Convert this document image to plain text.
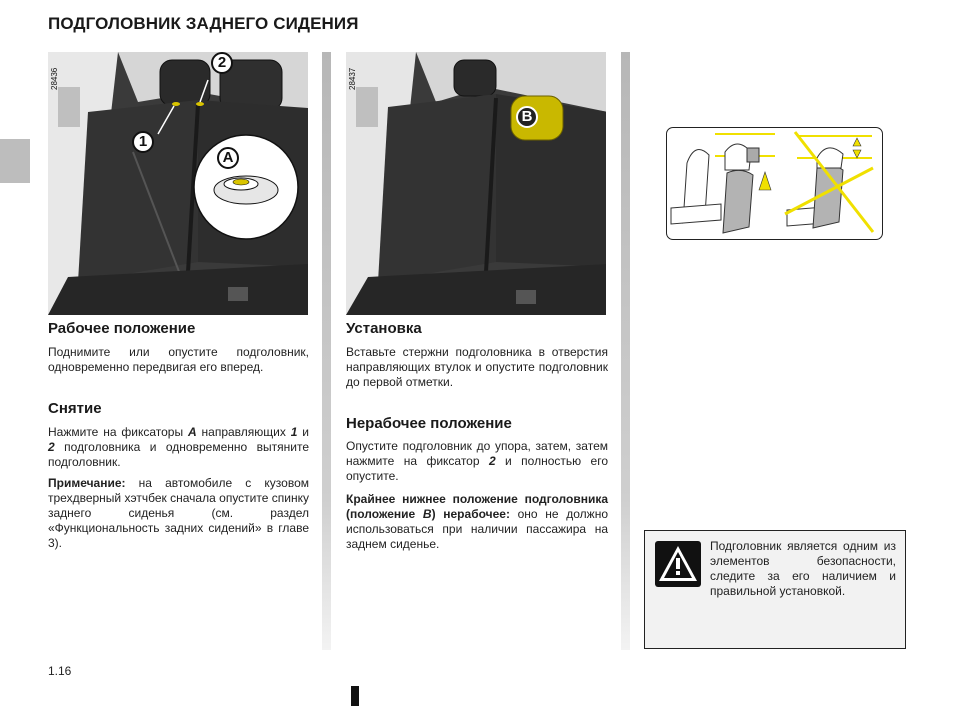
ПОДГОЛОВНИК ЗАДНЕГО СИДЕНИЯ
28436
1
2
A
28437
B
Рабочее положение

Поднимите или опустите подголовник, одновременно передвигая его вперед.

Снятие

Нажмите на фиксаторы A направляющих 1 и 2 подголовника и одновременно вытяните подголовник.

Примечание: на автомобиле с кузовом трехдверный хэтчбек сначала опустите спинку заднего сиденья (см. раздел «Функциональность задних сидений» в главе 3).

Установка

Вставьте стержни подголовника в отверстия направляющих втулок и опустите подголовник до первой отметки.

Нерабочее положение

Опустите подголовник до упора, затем, затем нажмите на фиксатор 2 и полностью его опустите.

Крайнее нижнее положение подголовника (положение B) нерабочее: оно не должно использоваться при наличии пассажира на заднем сиденье.	Подголовник является одним из элементов безопасности, следите за его наличием и правильной установкой.

1.16
